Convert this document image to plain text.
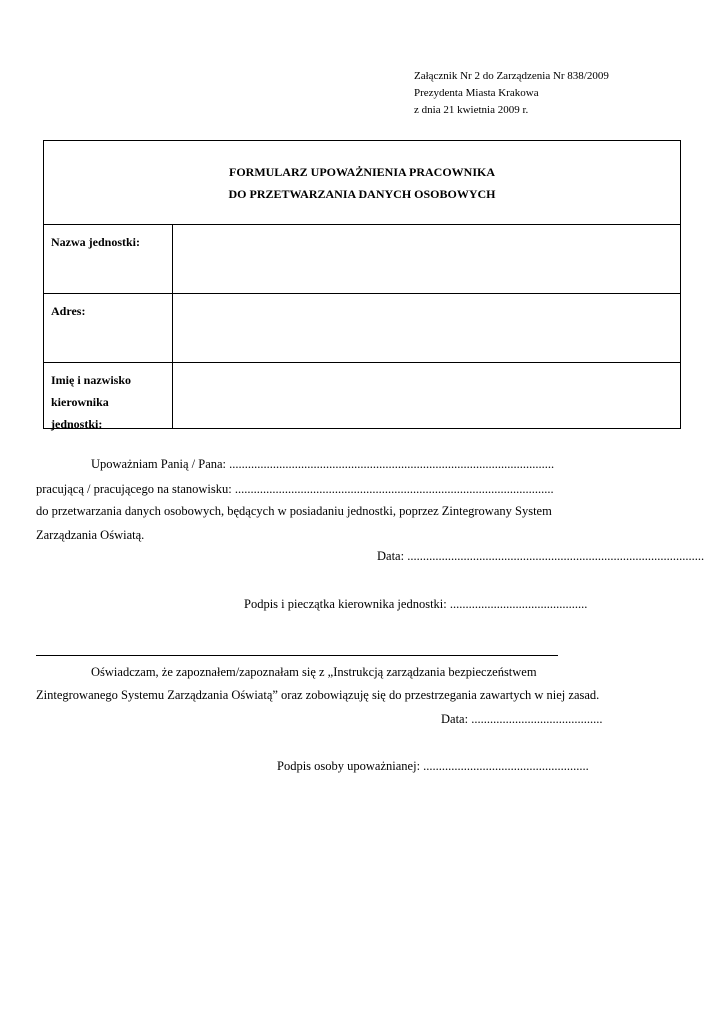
Załącznik Nr 2 do Zarządzenia Nr 838/2009
Prezydenta Miasta Krakowa
z dnia 21 kwietnia 2009 r.
FORMULARZ UPOWAŻNIENIA PRACOWNIKA
DO PRZETWARZANIA DANYCH OSOBOWYCH
Nazwa jednostki:
Adres:
Imię i nazwisko
kierownika
jednostki:
Upoważniam Panią / Pana: ........................................................................................................
pracującą / pracującego na stanowisku: ......................................................................................................
do przetwarzania danych osobowych, będących w posiadaniu jednostki, poprzez Zintegrowany System
Zarządzania Oświatą.
Data: ...............................................................................................
Podpis i pieczątka kierownika jednostki: ............................................
Oświadczam, że zapoznałem/zapoznałam się z „Instrukcją zarządzania bezpieczeństwem
Zintegrowanego Systemu Zarządzania Oświatą” oraz zobowiązuję się do przestrzegania zawartych w niej zasad.
Data: ..........................................
Podpis osoby upoważnianej: .....................................................
